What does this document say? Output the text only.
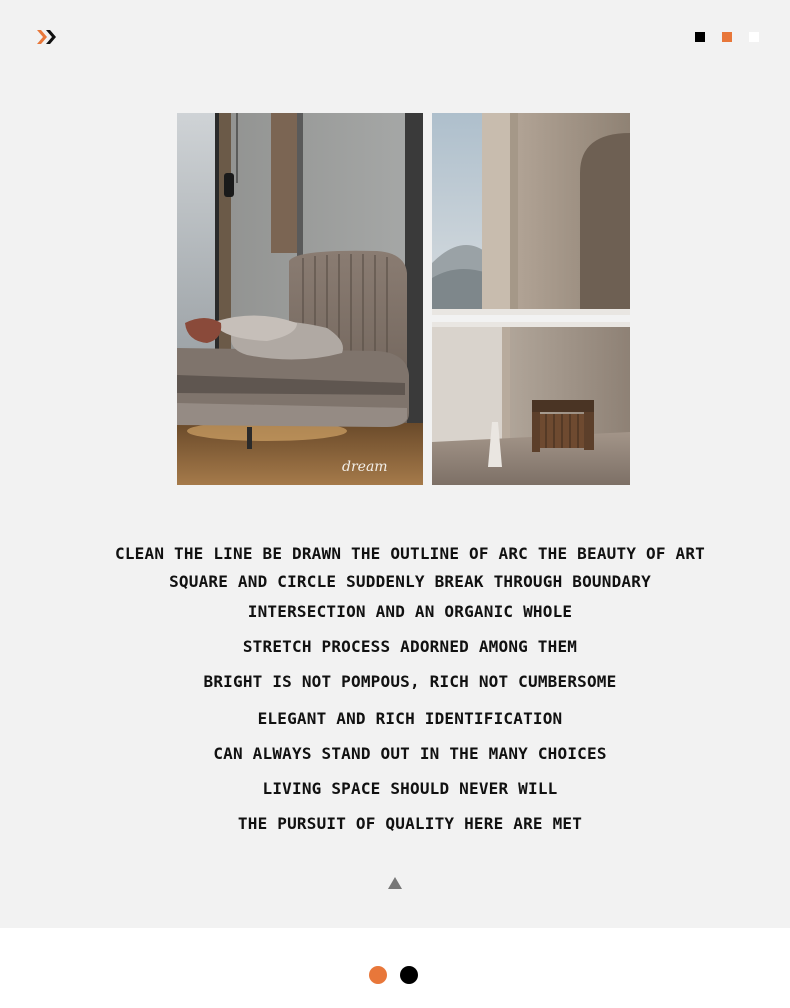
dream
CLEAN THE LINE BE DRAWN THE OUTLINE OF ARC THE BEAUTY OF ART
SQUARE AND CIRCLE SUDDENLY BREAK THROUGH BOUNDARY
INTERSECTION AND AN ORGANIC WHOLE
STRETCH PROCESS ADORNED AMONG THEM
BRIGHT IS NOT POMPOUS, RICH NOT CUMBERSOME
ELEGANT AND RICH IDENTIFICATION
CAN ALWAYS STAND OUT IN THE MANY CHOICES
LIVING SPACE SHOULD NEVER WILL
THE PURSUIT OF QUALITY HERE ARE MET
